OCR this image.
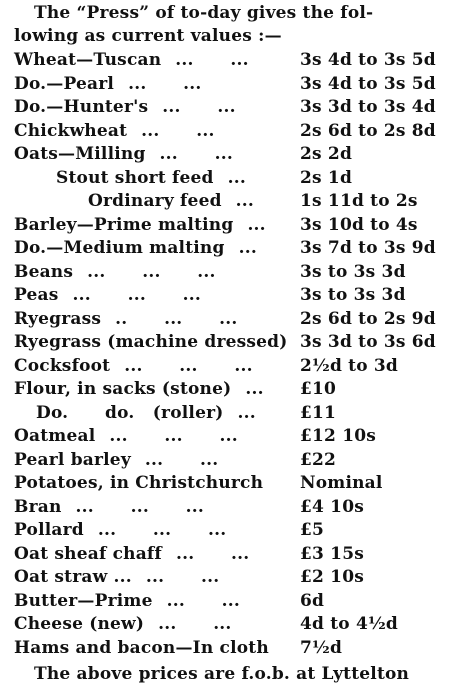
The “Press” of to-day gives the fol-
lowing as current values :—
Wheat—Tuscan ...      ...	3s 4d to 3s 5d
Do.—Pearl ...      ...	3s 4d to 3s 5d
Do.—Hunter's ...      ...	3s 3d to 3s 4d
Chickwheat ...      ...	2s 6d to 2s 8d
Oats—Milling ...      ...	2s 2d
Stout short feed ...	2s 1d
Ordinary feed ...	1s 11d to 2s
Barley—Prime malting ... 3s 10d to 4s
Do.—Medium malting ...	3s 7d to 3s 9d
Beans ...      ...      ...	3s to 3s 3d
Peas ...      ...      ...	3s to 3s 3d
Ryegrass ..      ...      ...	2s 6d to 2s 9d
Ryegrass (machine dressed) 3s 3d to 3s 6d
Cocksfoot ...      ...      ...	2½d to 3d
Flour, in sacks (stone) ... £10
Do.      do.   (roller) ...	£11
Oatmeal ...      ...      ...	£12 10s
Pearl barley ...      ...	£22
Potatoes, in Christchurch Nominal
Bran ...      ...      ...	£4 10s
Pollard ...      ...      ...	£5
Oat sheaf chaff ...      ...	£3 15s
Oat straw ... ...      ...	£2 10s
Butter—Prime ...      ...	6d
Cheese (new) ...      ...	4d to 4½d
Hams and bacon—In cloth 7½d
The above prices are f.o.b. at Lyttelton
